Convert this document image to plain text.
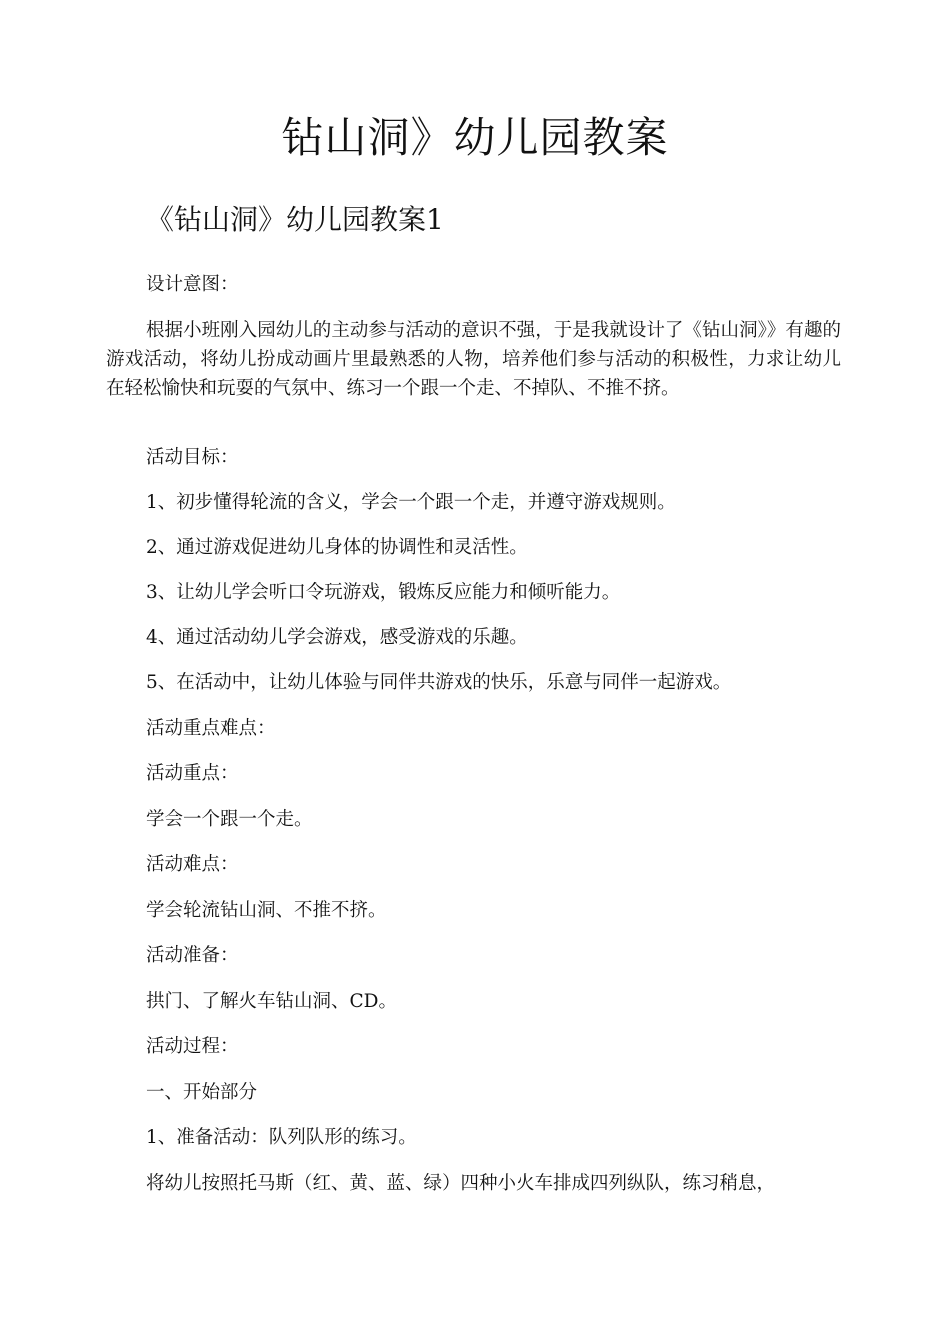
钻山洞》幼儿园教案
《钻山洞》幼儿园教案1
设计意图：
根据小班刚入园幼儿的主动参与活动的意识不强，于是我就设计了《钻山洞》》有趣的游戏活动，将幼儿扮成动画片里最熟悉的人物，培养他们参与活动的积极性，力求让幼儿在轻松愉快和玩耍的气氛中、练习一个跟一个走、不掉队、不推不挤。
活动目标：
1、初步懂得轮流的含义，学会一个跟一个走，并遵守游戏规则。
2、通过游戏促进幼儿身体的协调性和灵活性。
3、让幼儿学会听口令玩游戏，锻炼反应能力和倾听能力。
4、通过活动幼儿学会游戏，感受游戏的乐趣。
5、在活动中，让幼儿体验与同伴共游戏的快乐，乐意与同伴一起游戏。
活动重点难点：
活动重点：
学会一个跟一个走。
活动难点：
学会轮流钻山洞、不推不挤。
活动准备：
拱门、了解火车钻山洞、CD。
活动过程：
一、开始部分
1、准备活动：队列队形的练习。
将幼儿按照托马斯（红、黄、蓝、绿）四种小火车排成四列纵队，练习稍息，
